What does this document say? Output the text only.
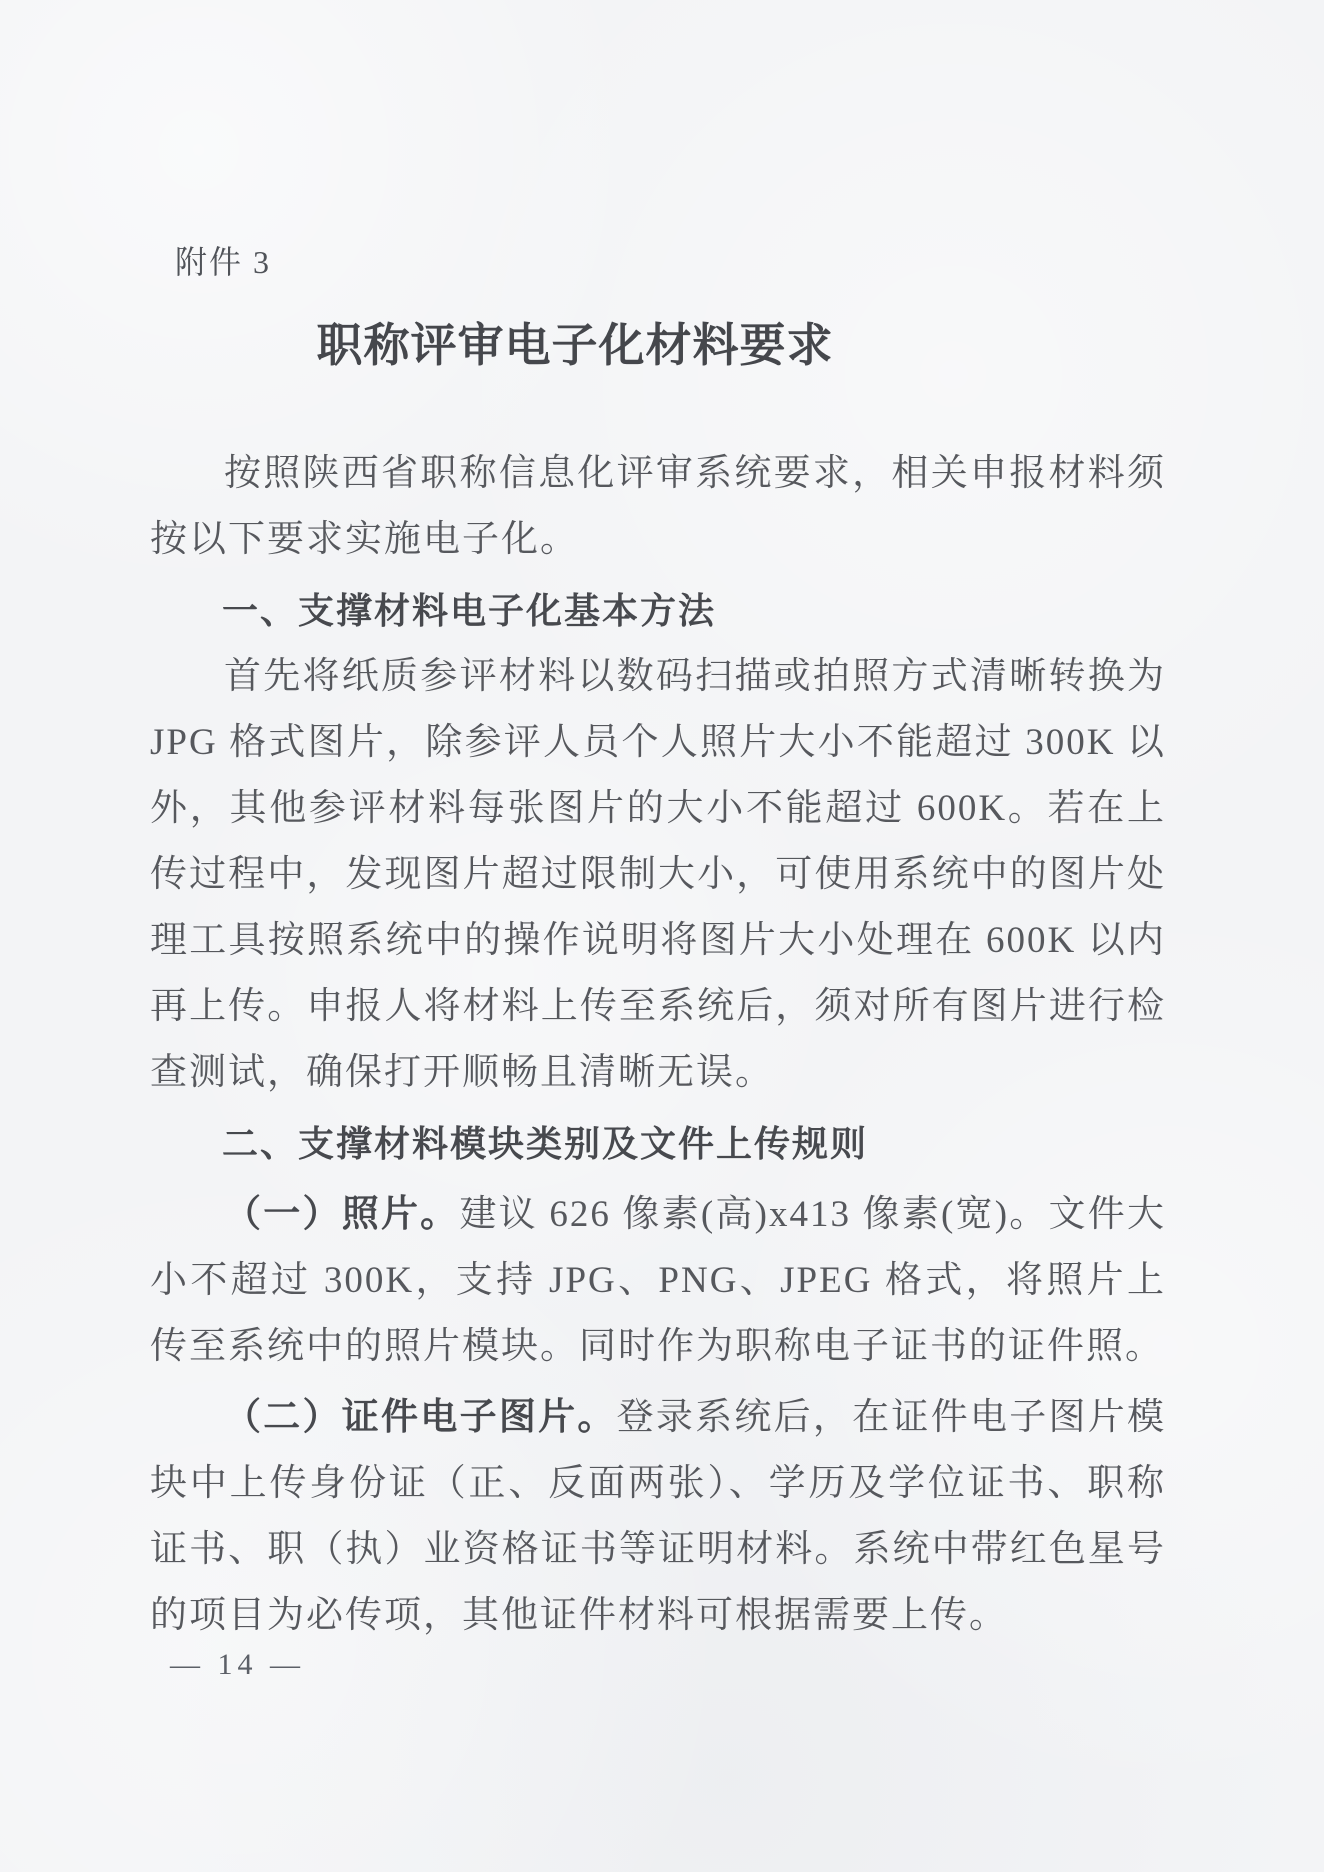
附件 3
职称评审电子化材料要求

按照陕西省职称信息化评审系统要求，相关申报材料须按以下要求实施电子化。

一、支撑材料电子化基本方法

首先将纸质参评材料以数码扫描或拍照方式清晰转换为 JPG 格式图片，除参评人员个人照片大小不能超过 300K 以外，其他参评材料每张图片的大小不能超过 600K。若在上传过程中，发现图片超过限制大小，可使用系统中的图片处理工具按照系统中的操作说明将图片大小处理在 600K 以内再上传。申报人将材料上传至系统后，须对所有图片进行检查测试，确保打开顺畅且清晰无误。

二、支撑材料模块类别及文件上传规则

（一）照片。建议 626 像素(高)x413 像素(宽)。文件大小不超过 300K，支持 JPG、PNG、JPEG 格式，将照片上传至系统中的照片模块。同时作为职称电子证书的证件照。

（二）证件电子图片。登录系统后，在证件电子图片模块中上传身份证（正、反面两张）、学历及学位证书、职称证书、职（执）业资格证书等证明材料。系统中带红色星号的项目为必传项，其他证件材料可根据需要上传。

— 14 —
